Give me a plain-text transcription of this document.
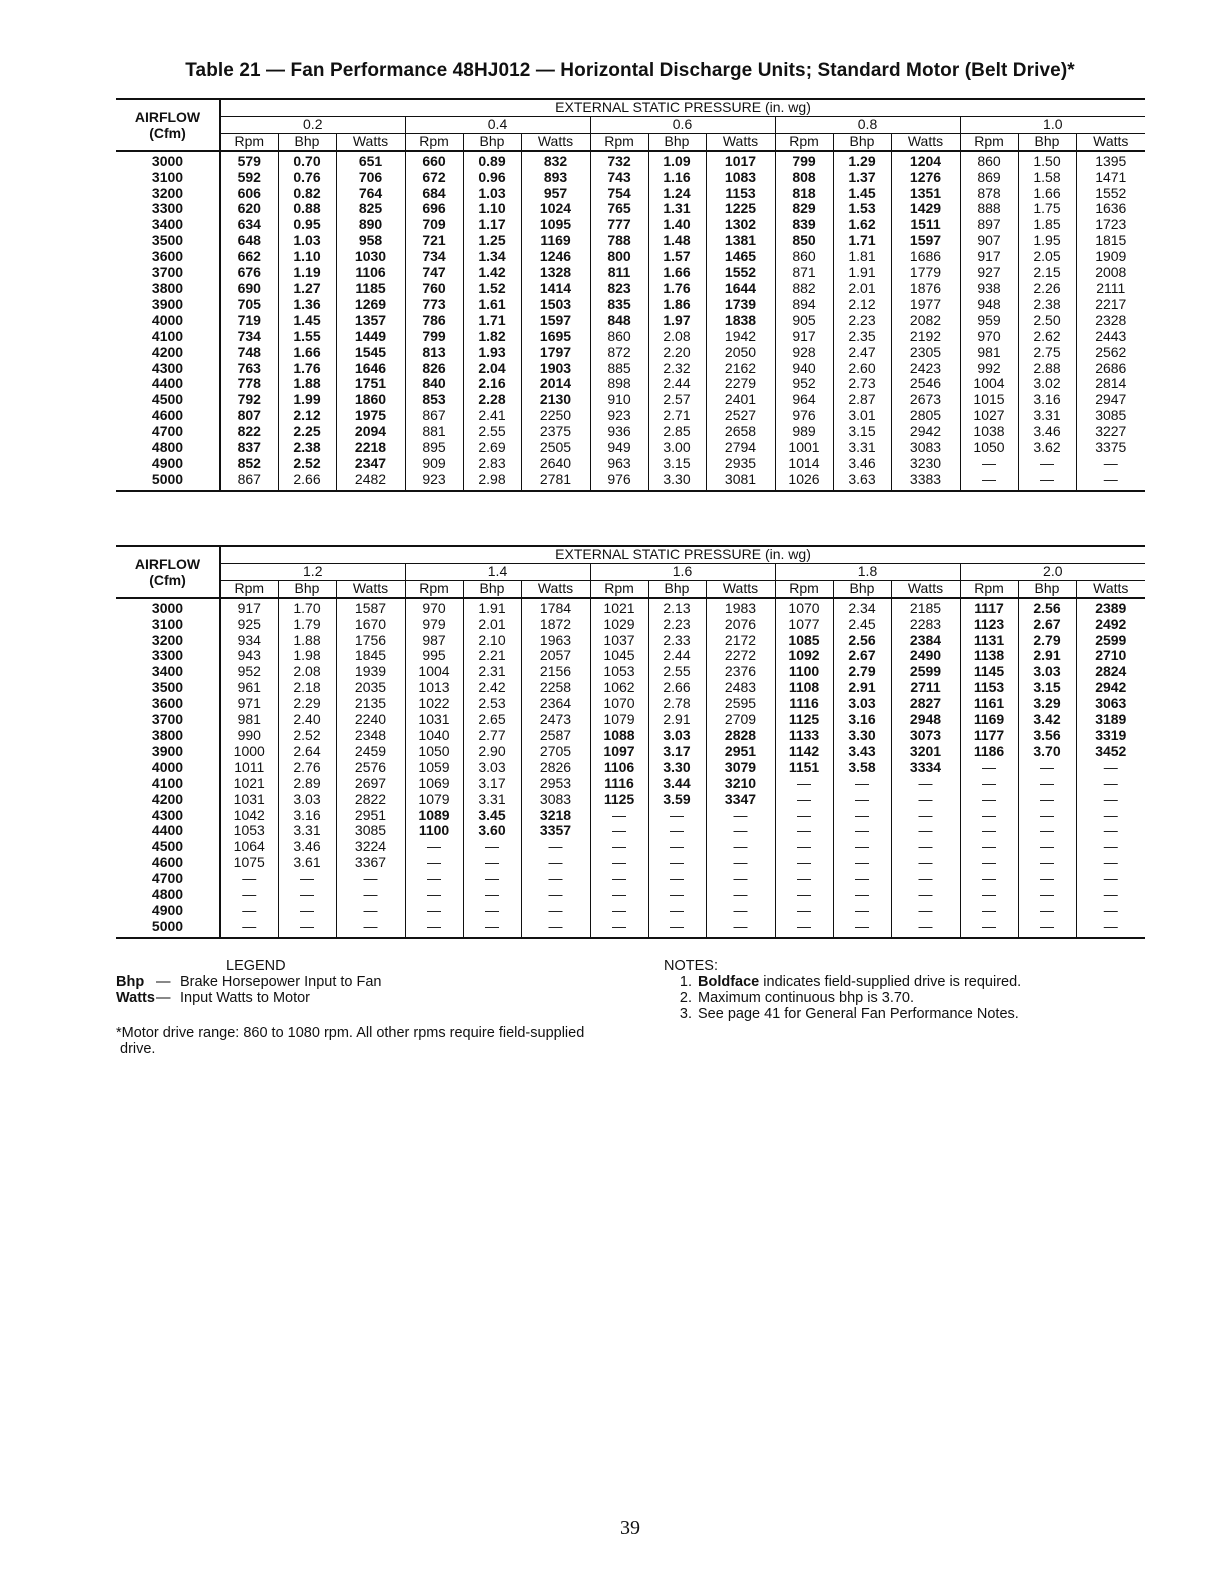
Table 21 — Fan Performance 48HJ012 — Horizontal Discharge Units; Standard Motor (Belt Drive)*
AIRFLOW
(Cfm)	EXTERNAL STATIC PRESSURE (in. wg)														
	0.2			0.4			0.6			0.8			1.0		
	Rpm	Bhp	Watts	Rpm	Bhp	Watts	Rpm	Bhp	Watts	Rpm	Bhp	Watts	Rpm	Bhp	Watts
3000	579	0.70	651	660	0.89	832	732	1.09	1017	799	1.29	1204	860	1.50	1395
3100	592	0.76	706	672	0.96	893	743	1.16	1083	808	1.37	1276	869	1.58	1471
3200	606	0.82	764	684	1.03	957	754	1.24	1153	818	1.45	1351	878	1.66	1552
3300	620	0.88	825	696	1.10	1024	765	1.31	1225	829	1.53	1429	888	1.75	1636
3400	634	0.95	890	709	1.17	1095	777	1.40	1302	839	1.62	1511	897	1.85	1723
3500	648	1.03	958	721	1.25	1169	788	1.48	1381	850	1.71	1597	907	1.95	1815
3600	662	1.10	1030	734	1.34	1246	800	1.57	1465	860	1.81	1686	917	2.05	1909
3700	676	1.19	1106	747	1.42	1328	811	1.66	1552	871	1.91	1779	927	2.15	2008
3800	690	1.27	1185	760	1.52	1414	823	1.76	1644	882	2.01	1876	938	2.26	2111
3900	705	1.36	1269	773	1.61	1503	835	1.86	1739	894	2.12	1977	948	2.38	2217
4000	719	1.45	1357	786	1.71	1597	848	1.97	1838	905	2.23	2082	959	2.50	2328
4100	734	1.55	1449	799	1.82	1695	860	2.08	1942	917	2.35	2192	970	2.62	2443
4200	748	1.66	1545	813	1.93	1797	872	2.20	2050	928	2.47	2305	981	2.75	2562
4300	763	1.76	1646	826	2.04	1903	885	2.32	2162	940	2.60	2423	992	2.88	2686
4400	778	1.88	1751	840	2.16	2014	898	2.44	2279	952	2.73	2546	1004	3.02	2814
4500	792	1.99	1860	853	2.28	2130	910	2.57	2401	964	2.87	2673	1015	3.16	2947
4600	807	2.12	1975	867	2.41	2250	923	2.71	2527	976	3.01	2805	1027	3.31	3085
4700	822	2.25	2094	881	2.55	2375	936	2.85	2658	989	3.15	2942	1038	3.46	3227
4800	837	2.38	2218	895	2.69	2505	949	3.00	2794	1001	3.31	3083	1050	3.62	3375
4900	852	2.52	2347	909	2.83	2640	963	3.15	2935	1014	3.46	3230	—	—	—
5000	867	2.66	2482	923	2.98	2781	976	3.30	3081	1026	3.63	3383	—	—	—
AIRFLOW
(Cfm)	EXTERNAL STATIC PRESSURE (in. wg)														
	1.2			1.4			1.6			1.8			2.0		
	Rpm	Bhp	Watts	Rpm	Bhp	Watts	Rpm	Bhp	Watts	Rpm	Bhp	Watts	Rpm	Bhp	Watts
3000	917	1.70	1587	970	1.91	1784	1021	2.13	1983	1070	2.34	2185	1117	2.56	2389
3100	925	1.79	1670	979	2.01	1872	1029	2.23	2076	1077	2.45	2283	1123	2.67	2492
3200	934	1.88	1756	987	2.10	1963	1037	2.33	2172	1085	2.56	2384	1131	2.79	2599
3300	943	1.98	1845	995	2.21	2057	1045	2.44	2272	1092	2.67	2490	1138	2.91	2710
3400	952	2.08	1939	1004	2.31	2156	1053	2.55	2376	1100	2.79	2599	1145	3.03	2824
3500	961	2.18	2035	1013	2.42	2258	1062	2.66	2483	1108	2.91	2711	1153	3.15	2942
3600	971	2.29	2135	1022	2.53	2364	1070	2.78	2595	1116	3.03	2827	1161	3.29	3063
3700	981	2.40	2240	1031	2.65	2473	1079	2.91	2709	1125	3.16	2948	1169	3.42	3189
3800	990	2.52	2348	1040	2.77	2587	1088	3.03	2828	1133	3.30	3073	1177	3.56	3319
3900	1000	2.64	2459	1050	2.90	2705	1097	3.17	2951	1142	3.43	3201	1186	3.70	3452
4000	1011	2.76	2576	1059	3.03	2826	1106	3.30	3079	1151	3.58	3334	—	—	—
4100	1021	2.89	2697	1069	3.17	2953	1116	3.44	3210	—	—	—	—	—	—
4200	1031	3.03	2822	1079	3.31	3083	1125	3.59	3347	—	—	—	—	—	—
4300	1042	3.16	2951	1089	3.45	3218	—	—	—	—	—	—	—	—	—
4400	1053	3.31	3085	1100	3.60	3357	—	—	—	—	—	—	—	—	—
4500	1064	3.46	3224	—	—	—	—	—	—	—	—	—	—	—	—
4600	1075	3.61	3367	—	—	—	—	—	—	—	—	—	—	—	—
4700	—	—	—	—	—	—	—	—	—	—	—	—	—	—	—
4800	—	—	—	—	—	—	—	—	—	—	—	—	—	—	—
4900	—	—	—	—	—	—	—	—	—	—	—	—	—	—	—
5000	—	—	—	—	—	—	—	—	—	—	—	—	—	—	—
LEGEND
Bhp — Brake Horsepower Input to Fan
Watts — Input Watts to Motor
*Motor drive range: 860 to 1080 rpm. All other rpms require field-supplied drive.
NOTES:
1. Boldface indicates field-supplied drive is required.
2. Maximum continuous bhp is 3.70.
3. See page 41 for General Fan Performance Notes.
39
